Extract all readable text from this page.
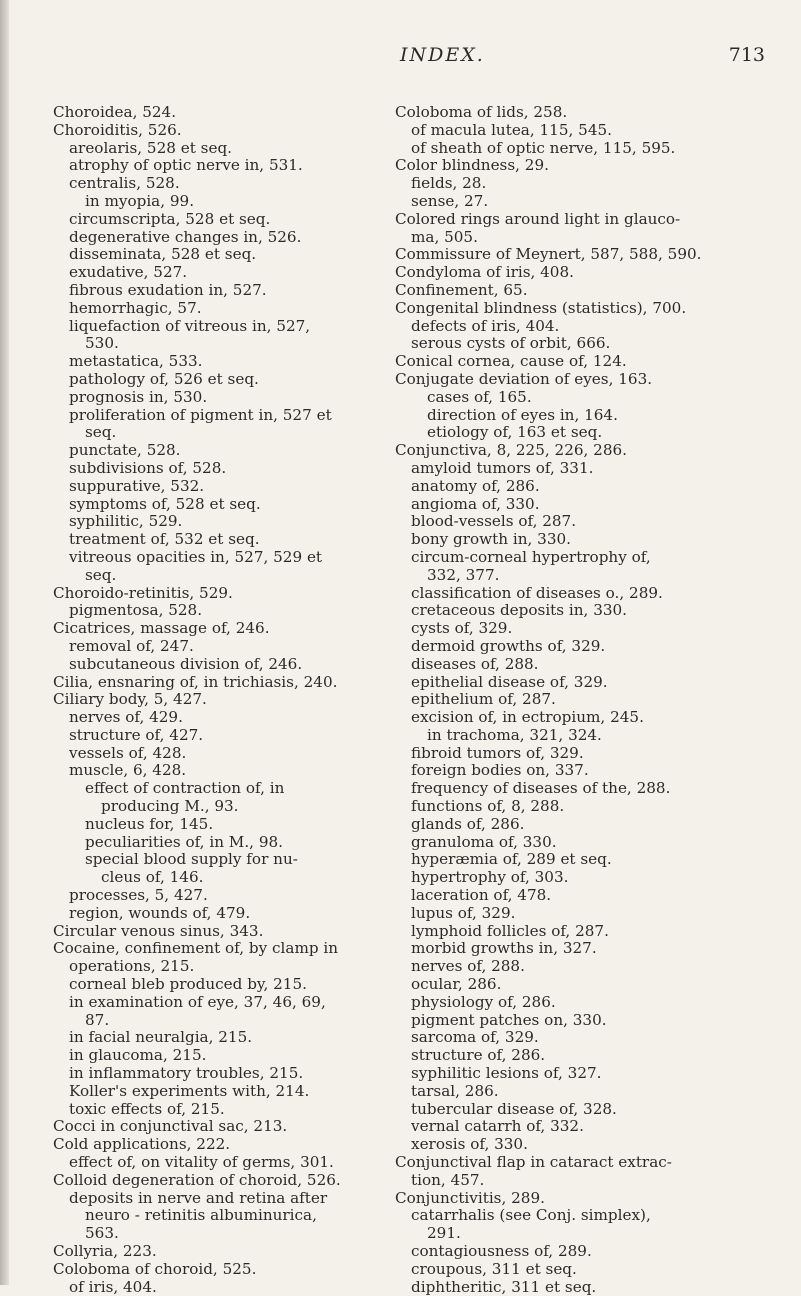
INDEX.	713
Choroidea, 524.
Choroiditis, 526.
areolaris, 528 et seq.
atrophy of optic nerve in, 531.
centralis, 528.
in myopia, 99.
circumscripta, 528 et seq.
degenerative changes in, 526.
disseminata, 528 et seq.
exudative, 527.
fibrous exudation in, 527.
hemorrhagic, 57.
liquefaction of vitreous in, 527,
530.
metastatica, 533.
pathology of, 526 et seq.
prognosis in, 530.
proliferation of pigment in, 527 et
seq.
punctate, 528.
subdivisions of, 528.
suppurative, 532.
symptoms of, 528 et seq.
syphilitic, 529.
treatment of, 532 et seq.
vitreous opacities in, 527, 529 et
seq.
Choroido-retinitis, 529.
pigmentosa, 528.
Cicatrices, massage of, 246.
removal of, 247.
subcutaneous division of, 246.
Cilia, ensnaring of, in trichiasis, 240.
Ciliary body, 5, 427.
nerves of, 429.
structure of, 427.
vessels of, 428.
muscle, 6, 428.
effect of contraction of, in
producing M., 93.
nucleus for, 145.
peculiarities of, in M., 98.
special blood supply for nu-
cleus of, 146.
processes, 5, 427.
region, wounds of, 479.
Circular venous sinus, 343.
Cocaine, confinement of, by clamp in
operations, 215.
corneal bleb produced by, 215.
in examination of eye, 37, 46, 69,
87.
in facial neuralgia, 215.
in glaucoma, 215.
in inflammatory troubles, 215.
Koller's experiments with, 214.
toxic effects of, 215.
Cocci in conjunctival sac, 213.
Cold applications, 222.
effect of, on vitality of germs, 301.
Colloid degeneration of choroid, 526.
deposits in nerve and retina after
neuro - retinitis albuminurica,
563.
Collyria, 223.
Coloboma of choroid, 525.
of iris, 404.
Coloboma of lids, 258.
of macula lutea, 115, 545.
of sheath of optic nerve, 115, 595.
Color blindness, 29.
fields, 28.
sense, 27.
Colored rings around light in glauco-
ma, 505.
Commissure of Meynert, 587, 588, 590.
Condyloma of iris, 408.
Confinement, 65.
Congenital blindness (statistics), 700.
defects of iris, 404.
serous cysts of orbit, 666.
Conical cornea, cause of, 124.
Conjugate deviation of eyes, 163.
cases of, 165.
direction of eyes in, 164.
etiology of, 163 et seq.
Conjunctiva, 8, 225, 226, 286.
amyloid tumors of, 331.
anatomy of, 286.
angioma of, 330.
blood-vessels of, 287.
bony growth in, 330.
circum-corneal hypertrophy of,
332, 377.
classification of diseases o., 289.
cretaceous deposits in, 330.
cysts of, 329.
dermoid growths of, 329.
diseases of, 288.
epithelial disease of, 329.
epithelium of, 287.
excision of, in ectropium, 245.
in trachoma, 321, 324.
fibroid tumors of, 329.
foreign bodies on, 337.
frequency of diseases of the, 288.
functions of, 8, 288.
glands of, 286.
granuloma of, 330.
hyperæmia of, 289 et seq.
hypertrophy of, 303.
laceration of, 478.
lupus of, 329.
lymphoid follicles of, 287.
morbid growths in, 327.
nerves of, 288.
ocular, 286.
physiology of, 286.
pigment patches on, 330.
sarcoma of, 329.
structure of, 286.
syphilitic lesions of, 327.
tarsal, 286.
tubercular disease of, 328.
vernal catarrh of, 332.
xerosis of, 330.
Conjunctival flap in cataract extrac-
tion, 457.
Conjunctivitis, 289.
catarrhalis (see Conj. simplex),
291.
contagiousness of, 289.
croupous, 311 et seq.
diphtheritic, 311 et seq.
